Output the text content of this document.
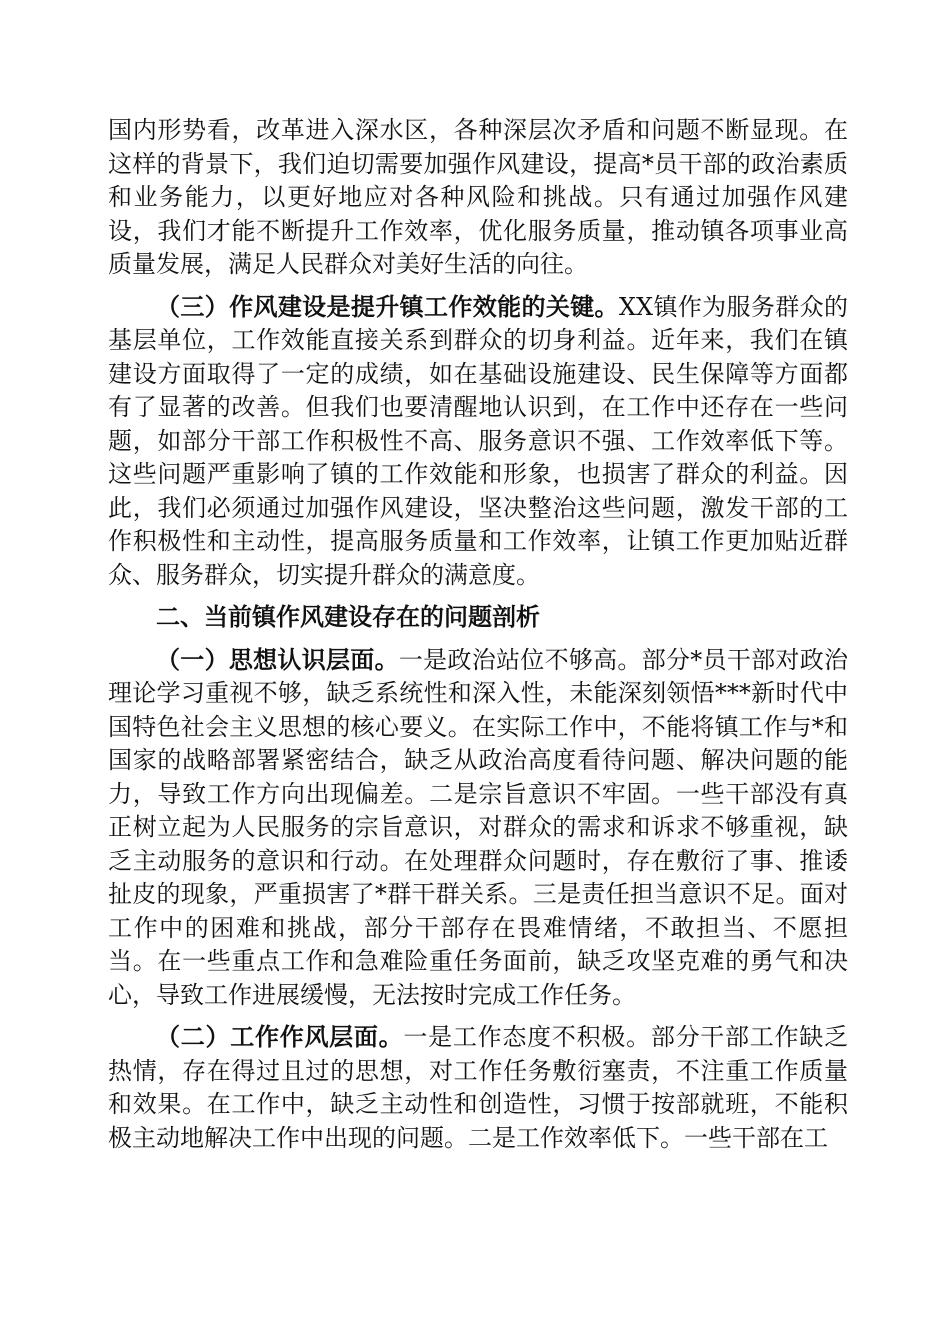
国内形势看，改革进入深水区，各种深层次矛盾和问题不断显现。在这样的背景下，我们迫切需要加强作风建设，提高*员干部的政治素质和业务能力，以更好地应对各种风险和挑战。只有通过加强作风建设，我们才能不断提升工作效率，优化服务质量，推动镇各项事业高质量发展，满足人民群众对美好生活的向往。

（三）作风建设是提升镇工作效能的关键。XX镇作为服务群众的基层单位，工作效能直接关系到群众的切身利益。近年来，我们在镇建设方面取得了一定的成绩，如在基础设施建设、民生保障等方面都有了显著的改善。但我们也要清醒地认识到，在工作中还存在一些问题，如部分干部工作积极性不高、服务意识不强、工作效率低下等。这些问题严重影响了镇的工作效能和形象，也损害了群众的利益。因此，我们必须通过加强作风建设，坚决整治这些问题，激发干部的工作积极性和主动性，提高服务质量和工作效率，让镇工作更加贴近群众、服务群众，切实提升群众的满意度。

二、当前镇作风建设存在的问题剖析

（一）思想认识层面。一是政治站位不够高。部分*员干部对政治理论学习重视不够，缺乏系统性和深入性，未能深刻领悟***新时代中国特色社会主义思想的核心要义。在实际工作中，不能将镇工作与*和国家的战略部署紧密结合，缺乏从政治高度看待问题、解决问题的能力，导致工作方向出现偏差。二是宗旨意识不牢固。一些干部没有真正树立起为人民服务的宗旨意识，对群众的需求和诉求不够重视，缺乏主动服务的意识和行动。在处理群众问题时，存在敷衍了事、推诿扯皮的现象，严重损害了*群干群关系。三是责任担当意识不足。面对工作中的困难和挑战，部分干部存在畏难情绪，不敢担当、不愿担当。在一些重点工作和急难险重任务面前，缺乏攻坚克难的勇气和决心，导致工作进展缓慢，无法按时完成工作任务。

（二）工作作风层面。一是工作态度不积极。部分干部工作缺乏热情，存在得过且过的思想，对工作任务敷衍塞责，不注重工作质量和效果。在工作中，缺乏主动性和创造性，习惯于按部就班，不能积极主动地解决工作中出现的问题。二是工作效率低下。一些干部在工
